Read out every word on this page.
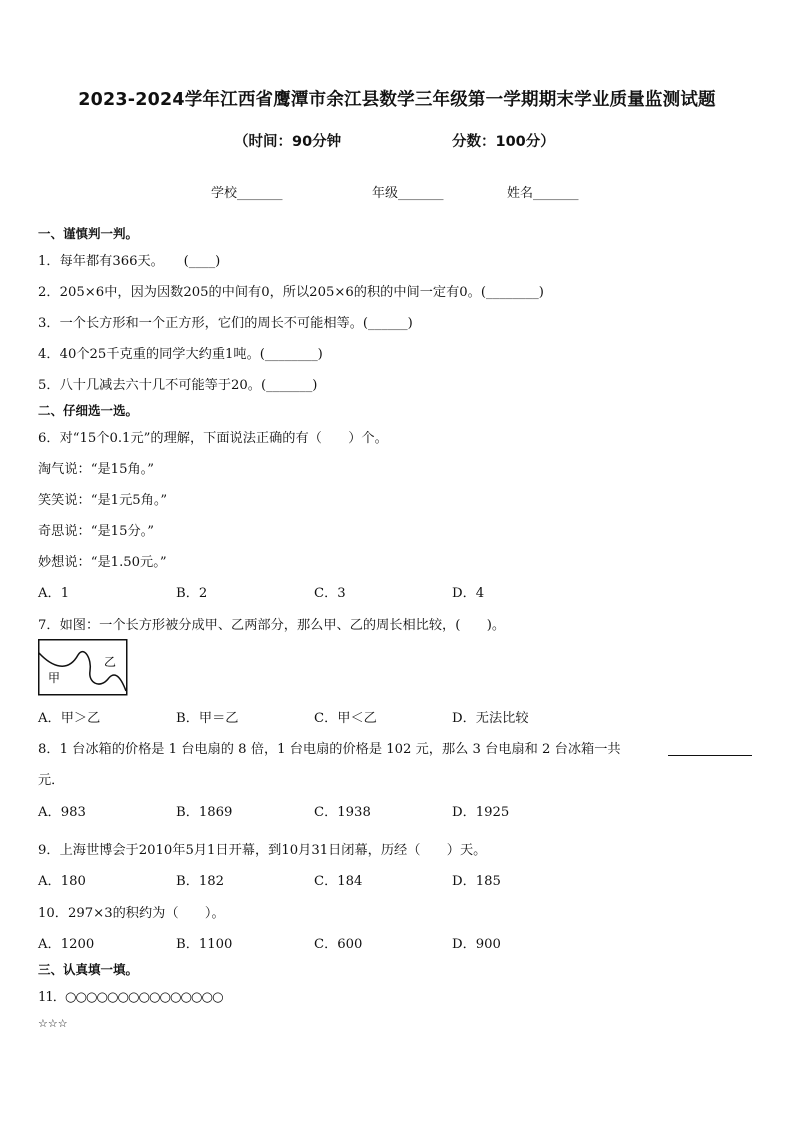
2023-2024学年江西省鹰潭市余江县数学三年级第一学期期末学业质量监测试题
（时间：90分钟	分数：100分）
学校_______	年级_______	姓名_______
一、谨慎判一判。
1．每年都有366天。　　(____)
2．205×6中，因为因数205的中间有0，所以205×6的积的中间一定有0。(________)
3．一个长方形和一个正方形，它们的周长不可能相等。(______)
4．40个25千克重的同学大约重1吨。(________)
5．八十几减去六十几不可能等于20。(_______)
二、仔细选一选。
6．对“15个0.1元”的理解，下面说法正确的有（　　）个。
淘气说：“是15角。”
笑笑说：“是1元5角。”
奇思说：“是15分。”
妙想说：“是1.50元。”
A．1	B．2	C．3	D．4
7．如图：一个长方形被分成甲、乙两部分，那么甲、乙的周长相比较，(　　)。
甲
乙
A．甲＞乙	B．甲＝乙	C．甲＜乙	D．无法比较
8．1 台冰箱的价格是 1 台电扇的 8 倍，1 台电扇的价格是 102 元，那么 3 台电扇和 2 台冰箱一共
元．
A．983	B．1869	C．1938	D．1925
9．上海世博会于2010年5月1日开幕，到10月31日闭幕，历经（　　）天。
A．180	B．182	C．184	D．185
10．297×3的积约为（　　）。
A．1200	B．1100	C．600	D．900
三、认真填一填。
11．○○○○○○○○○○○○○○○
☆☆☆
